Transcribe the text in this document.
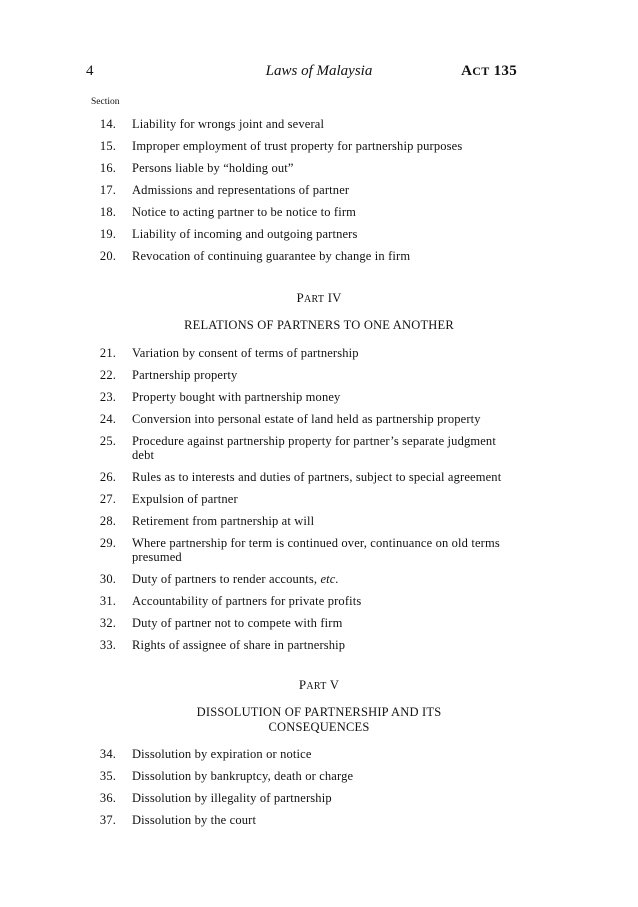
4	Laws of Malaysia	ACT 135
Section
14. Liability for wrongs joint and several
15. Improper employment of trust property for partnership purposes
16. Persons liable by “holding out”
17. Admissions and representations of partner
18. Notice to acting partner to be notice to firm
19. Liability of incoming and outgoing partners
20. Revocation of continuing guarantee by change in firm
PART IV
RELATIONS OF PARTNERS TO ONE ANOTHER
21. Variation by consent of terms of partnership
22. Partnership property
23. Property bought with partnership money
24. Conversion into personal estate of land held as partnership property
25. Procedure against partnership property for partner’s separate judgment debt
26. Rules as to interests and duties of partners, subject to special agreement
27. Expulsion of partner
28. Retirement from partnership at will
29. Where partnership for term is continued over, continuance on old terms presumed
30. Duty of partners to render accounts, etc.
31. Accountability of partners for private profits
32. Duty of partner not to compete with firm
33. Rights of assignee of share in partnership
PART V
DISSOLUTION OF PARTNERSHIP AND ITS
CONSEQUENCES
34. Dissolution by expiration or notice
35. Dissolution by bankruptcy, death or charge
36. Dissolution by illegality of partnership
37. Dissolution by the court
